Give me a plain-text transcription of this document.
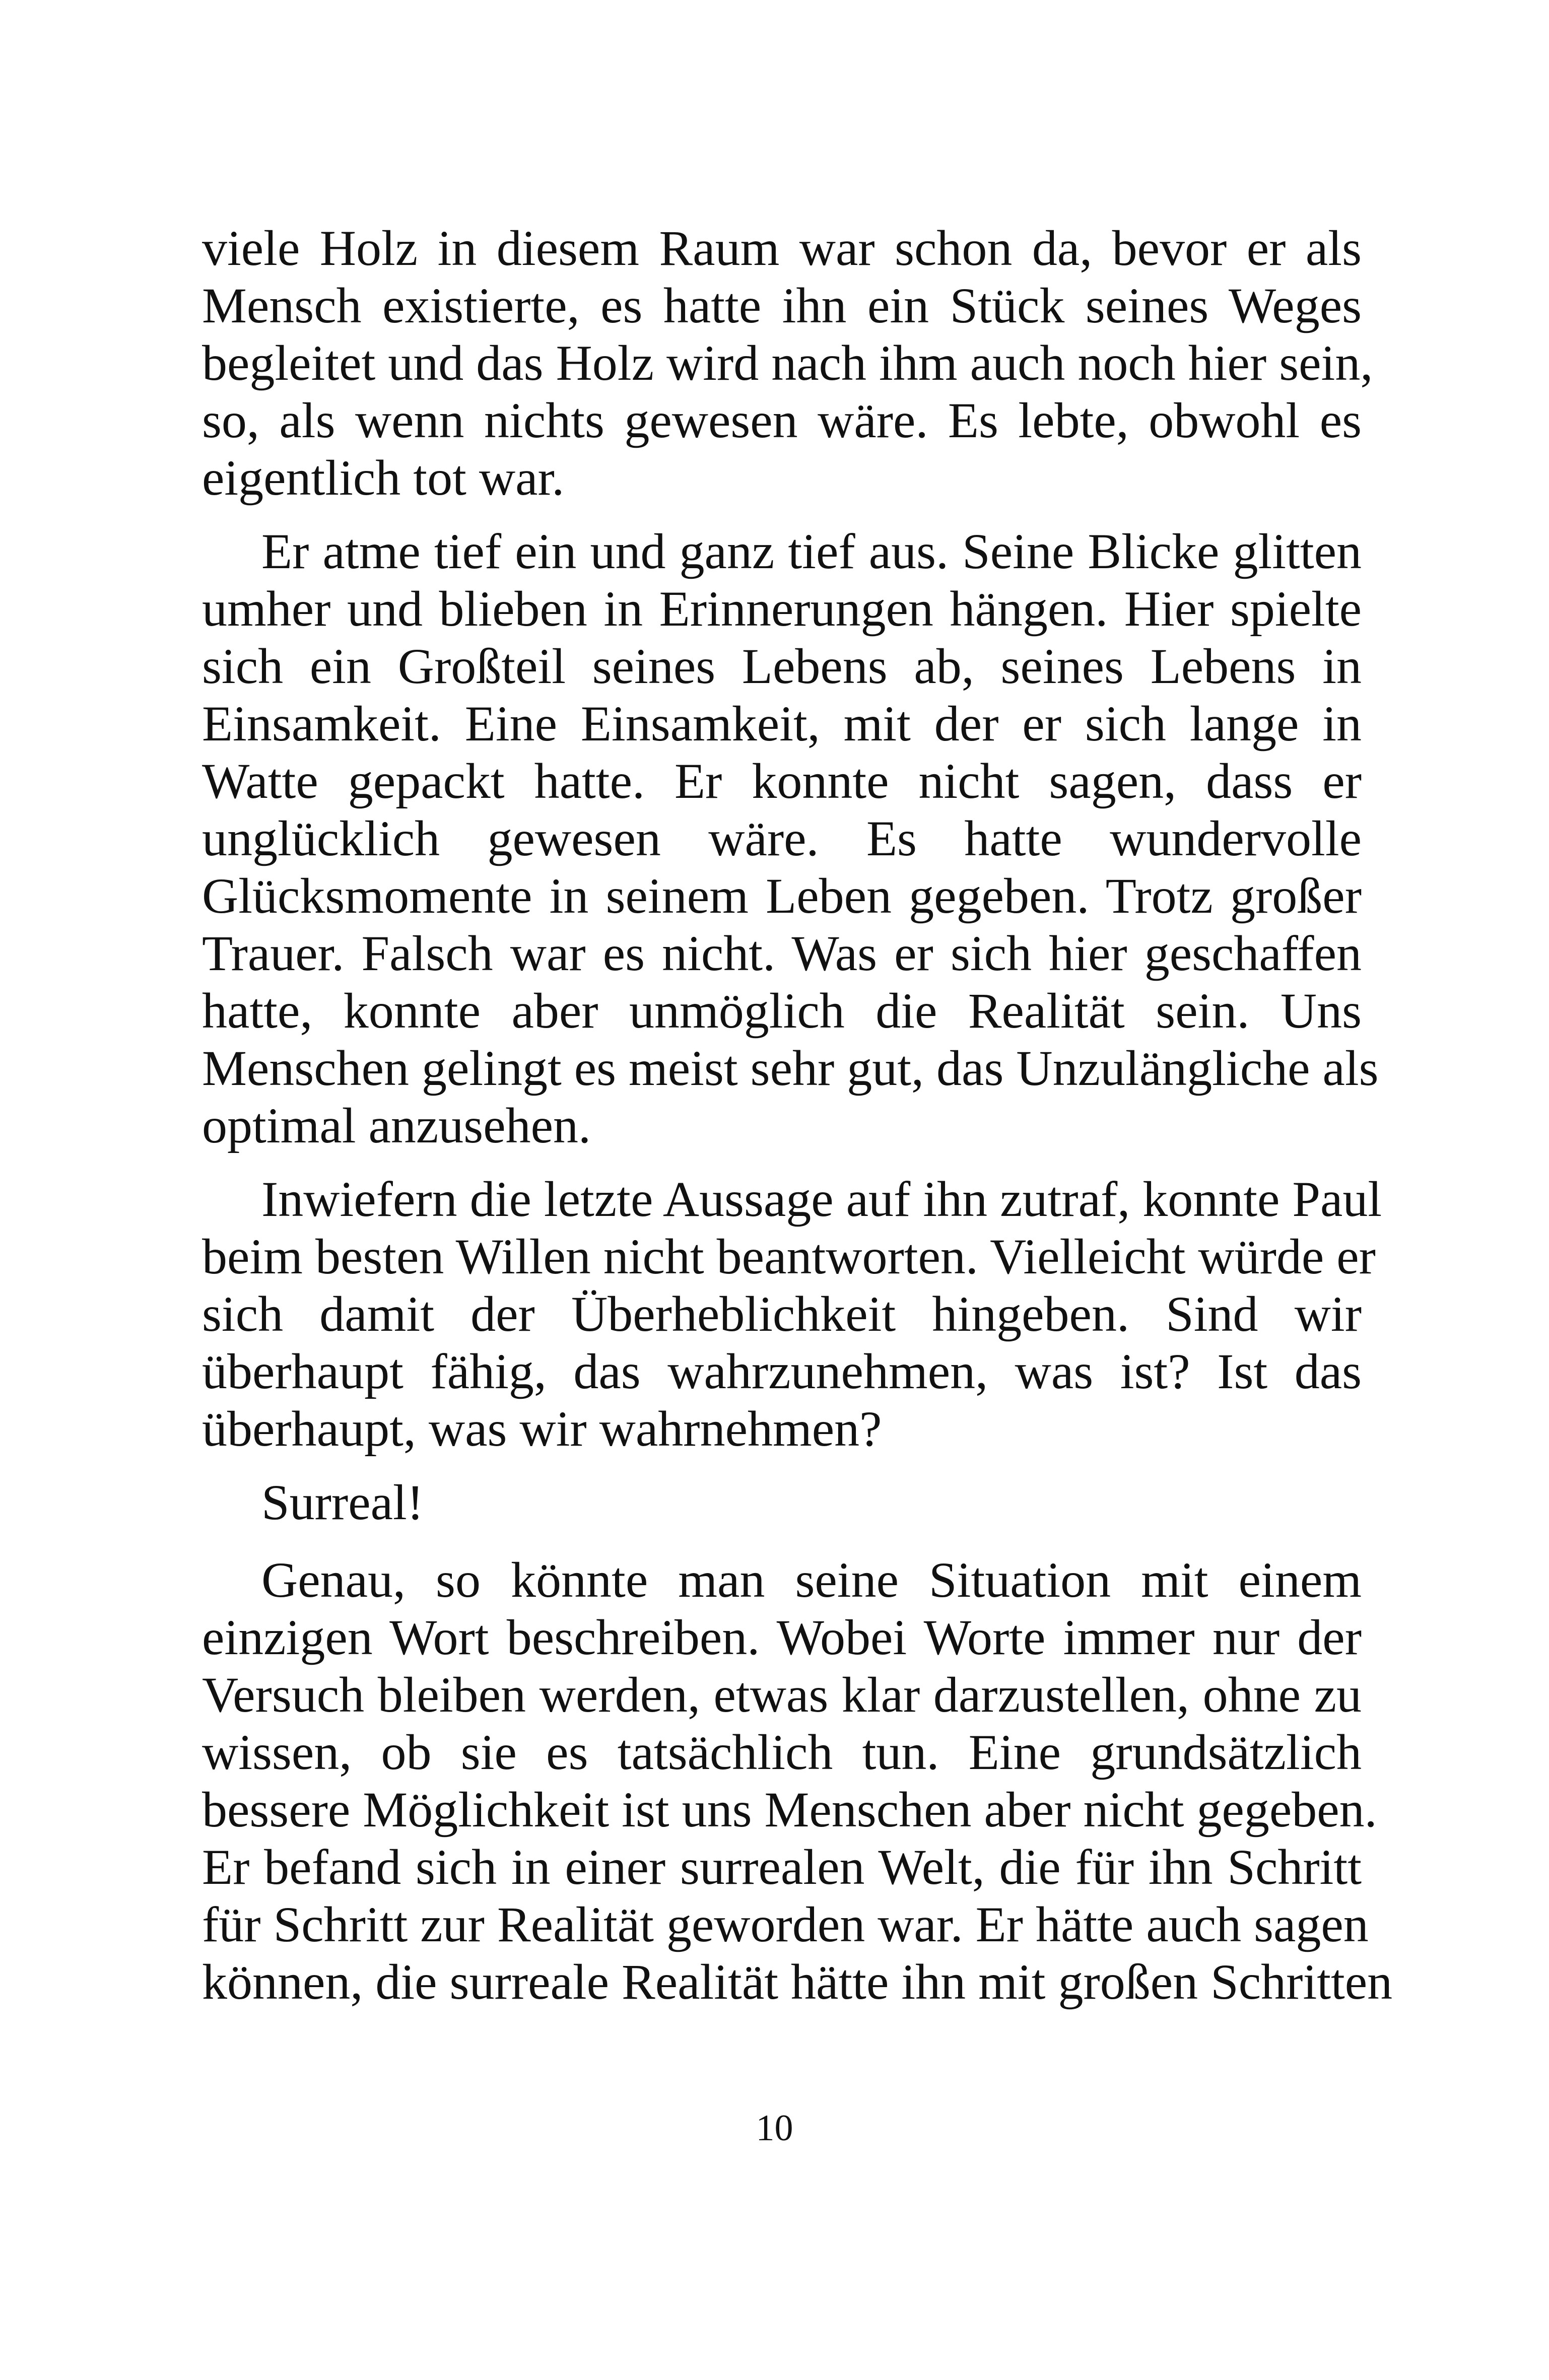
viele Holz in diesem Raum war schon da, bevor er als
Mensch existierte, es hatte ihn ein Stück seines Weges
begleitet und das Holz wird nach ihm auch noch hier sein,
so, als wenn nichts gewesen wäre. Es lebte, obwohl es
eigentlich tot war.
Er atme tief ein und ganz tief aus. Seine Blicke glitten
umher und blieben in Erinnerungen hängen. Hier spielte
sich ein Großteil seines Lebens ab, seines Lebens in
Einsamkeit. Eine Einsamkeit, mit der er sich lange in
Watte gepackt hatte. Er konnte nicht sagen, dass er
unglücklich gewesen wäre. Es hatte wundervolle
Glücksmomente in seinem Leben gegeben. Trotz großer
Trauer. Falsch war es nicht. Was er sich hier geschaffen
hatte, konnte aber unmöglich die Realität sein. Uns
Menschen gelingt es meist sehr gut, das Unzulängliche als
optimal anzusehen.
Inwiefern die letzte Aussage auf ihn zutraf, konnte Paul
beim besten Willen nicht beantworten. Vielleicht würde er
sich damit der Überheblichkeit hingeben. Sind wir
überhaupt fähig, das wahrzunehmen, was ist? Ist das
überhaupt, was wir wahrnehmen?
Surreal!
Genau, so könnte man seine Situation mit einem
einzigen Wort beschreiben. Wobei Worte immer nur der
Versuch bleiben werden, etwas klar darzustellen, ohne zu
wissen, ob sie es tatsächlich tun. Eine grundsätzlich
bessere Möglichkeit ist uns Menschen aber nicht gegeben.
Er befand sich in einer surrealen Welt, die für ihn Schritt
für Schritt zur Realität geworden war. Er hätte auch sagen
können, die surreale Realität hätte ihn mit großen Schritten
10
